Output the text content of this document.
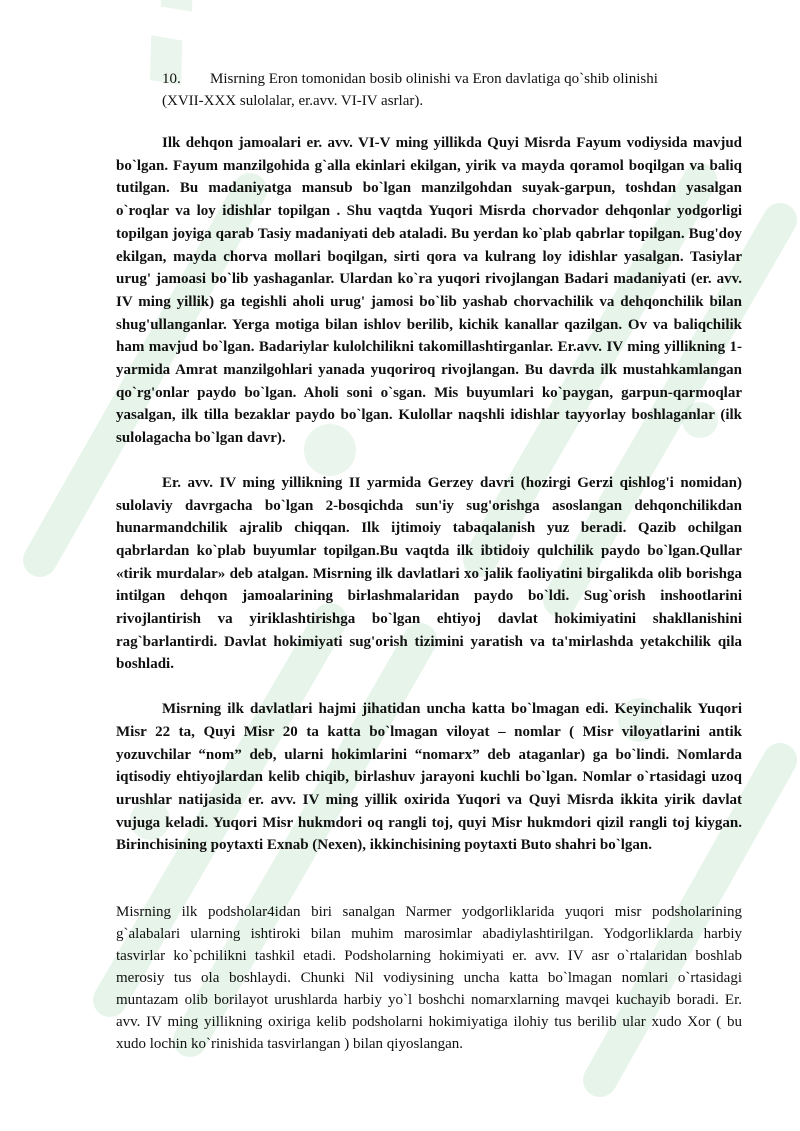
10.	Misrning Eron tomonidan bosib olinishi va Eron davlatiga qo`shib olinishi
(XVII-XXX sulolalar, er.avv. VI-IV asrlar).

Ilk dehqon jamoalari er. avv. VI-V ming yillikda Quyi Misrda Fayum vodiysida mavjud bo`lgan. Fayum manzilgohida g`alla ekinlari ekilgan, yirik va mayda qoramol boqilgan va baliq tutilgan. Bu madaniyatga mansub bo`lgan manzilgohdan suyak-garpun, toshdan yasalgan o`roqlar va loy idishlar topilgan . Shu vaqtda Yuqori Misrda chorvador dehqonlar yodgorligi topilgan joyiga qarab Tasiy madaniyati deb ataladi. Bu yerdan ko`plab qabrlar topilgan. Bug'doy ekilgan, mayda chorva mollari boqilgan, sirti qora va kulrang loy idishlar yasalgan. Tasiylar urug' jamoasi bo`lib yashaganlar. Ulardan ko`ra yuqori rivojlangan Badari madaniyati (er. avv. IV ming yillik) ga tegishli aholi urug' jamosi bo`lib yashab chorvachilik va dehqonchilik bilan shug'ullanganlar. Yerga motiga bilan ishlov berilib, kichik kanallar qazilgan. Ov va baliqchilik ham mavjud bo`lgan. Badariylar kulolchilikni takomillashtirganlar. Er.avv. IV ming yillikning 1-yarmida Amrat manzilgohlari yanada yuqoriroq rivojlangan. Bu davrda ilk mustahkamlangan qo`rg'onlar paydo bo`lgan. Aholi soni o`sgan. Mis buyumlari ko`paygan, garpun-qarmoqlar yasalgan, ilk tilla bezaklar paydo bo`lgan. Kulollar naqshli idishlar tayyorlay boshlaganlar (ilk sulolagacha bo`lgan davr).

Er. avv. IV ming yillikning II yarmida Gerzey davri (hozirgi Gerzi qishlog'i nomidan) sulolaviy davrgacha bo`lgan 2-bosqichda sun'iy sug'orishga asoslangan dehqonchilikdan hunarmandchilik ajralib chiqqan. Ilk ijtimoiy tabaqalanish yuz beradi. Qazib ochilgan qabrlardan ko`plab buyumlar topilgan.Bu vaqtda ilk ibtidoiy qulchilik paydo bo`lgan.Qullar «tirik murdalar» deb atalgan. Misrning ilk davlatlari xo`jalik faoliyatini birgalikda olib borishga intilgan dehqon jamoalarining birlashmalaridan paydo bo`ldi. Sug`orish inshootlarini rivojlantirish va yiriklashtirishga bo`lgan ehtiyoj davlat hokimiyatini shakllanishini rag`barlantirdi. Davlat hokimiyati sug'orish tizimini yaratish va ta'mirlashda yetakchilik qila boshladi.

Misrning ilk davlatlari hajmi jihatidan uncha katta bo`lmagan edi. Keyinchalik Yuqori Misr 22 ta, Quyi Misr 20 ta katta bo`lmagan viloyat – nomlar ( Misr viloyatlarini antik yozuvchilar “nom” deb, ularni hokimlarini “nomarx” deb ataganlar) ga bo`lindi. Nomlarda iqtisodiy ehtiyojlardan kelib chiqib, birlashuv jarayoni kuchli bo`lgan. Nomlar o`rtasidagi uzoq urushlar natijasida er. avv. IV ming yillik oxirida Yuqori va Quyi Misrda ikkita yirik davlat vujuga keladi. Yuqori Misr hukmdori oq rangli toj, quyi Misr hukmdori qizil rangli toj kiygan. Birinchisining poytaxti Exnab (Nexen), ikkinchisining poytaxti Buto shahri bo`lgan.

Misrning ilk podsholar4idan biri sanalgan Narmer yodgorliklarida yuqori misr podsholarining g`alabalari ularning ishtiroki bilan muhim marosimlar abadiylashtirilgan. Yodgorliklarda harbiy tasvirlar ko`pchilikni tashkil etadi. Podsholarning hokimiyati er. avv. IV asr o`rtalaridan boshlab merosiy tus ola boshlaydi. Chunki Nil vodiysining uncha katta bo`lmagan nomlari o`rtasidagi muntazam olib borilayot urushlarda harbiy yo`l boshchi nomarxlarning mavqei kuchayib boradi. Er. avv. IV ming yillikning oxiriga kelib podsholarni hokimiyatiga ilohiy tus berilib ular xudo Xor ( bu xudo lochin ko`rinishida tasvirlangan ) bilan qiyoslangan.
